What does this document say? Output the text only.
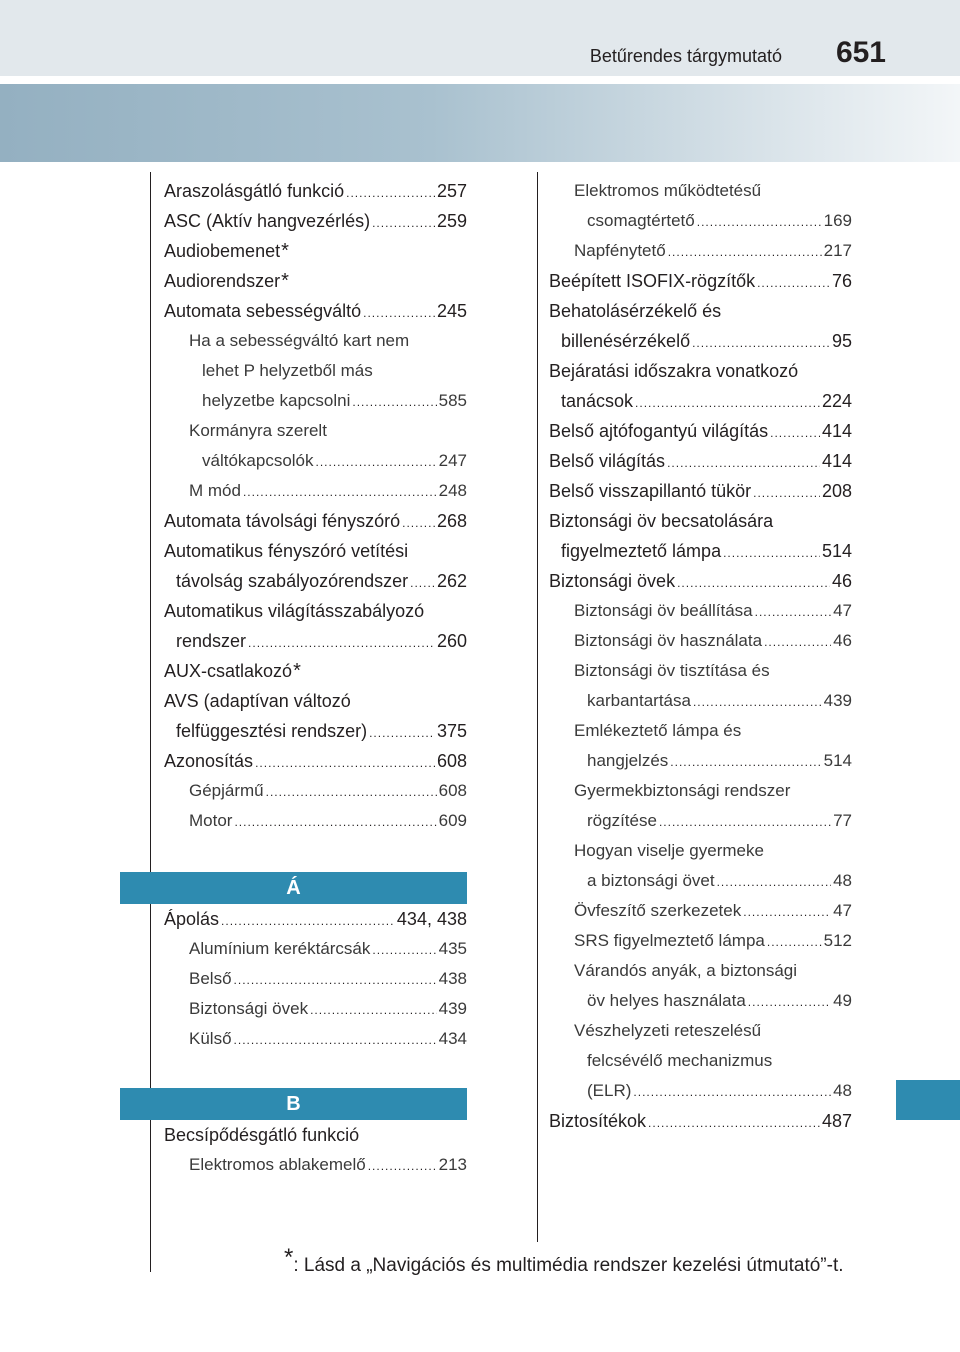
Betűrendes tárgymutató 651
Araszolásgátló funkció .....	257
ASC (Aktív hangvezérlés) .....	259
Audiobemenet *
Audiorendszer *
Automata sebességváltó .....	245
Ha a sebességváltó kart nem
lehet P helyzetből más
helyzetbe kapcsolni .....	585
Kormányra szerelt
váltókapcsolók .....	247
M mód .....	248
Automata távolsági fényszóró ..... 268
Automatikus fényszóró vetítési
távolság szabályozórendszer ..... 262
Automatikus világításszabályozó
rendszer .....	260
AUX-csatlakozó *
AVS (adaptívan változó
felfüggesztési rendszer) .....	375
Azonosítás .....	608
Gépjármű .....	608
Motor .....	609
Á
Ápolás .....	434, 438
Alumínium keréktárcsák .....	435
Belső .....	438
Biztonsági övek .....	439
Külső .....	434
B
Becsípődésgátló funkció
Elektromos ablakemelő .....	213
Elektromos működtetésű
csomagtértető .....	169
Napfénytető .....	217
Beépített ISOFIX-rögzítők .....	76
Behatolásérzékelő és
billenésérzékelő .....	95
Bejáratási időszakra vonatkozó
tanácsok .....	224
Belső ajtófogantyú világítás .....	414
Belső világítás .....	414
Belső visszapillantó tükör .....	208
Biztonsági öv becsatolására
figyelmeztető lámpa .....	514
Biztonsági övek .....	46
Biztonsági öv beállítása .....	47
Biztonsági öv használata .....	46
Biztonsági öv tisztítása és
karbantartása .....	439
Emlékeztető lámpa és
hangjelzés .....	514
Gyermekbiztonsági rendszer
rögzítése .....	77
Hogyan viselje gyermeke
a biztonsági övet .....	48
Övfeszítő szerkezetek .....	47
SRS figyelmeztető lámpa .....	512
Várandós anyák, a biztonsági
öv helyes használata .....	49
Vészhelyzeti reteszelésű
felcsévélő mechanizmus
(ELR) .....	48
Biztosítékok .....	487
*: Lásd a „Navigációs és multimédia rendszer kezelési útmutató”-t.
